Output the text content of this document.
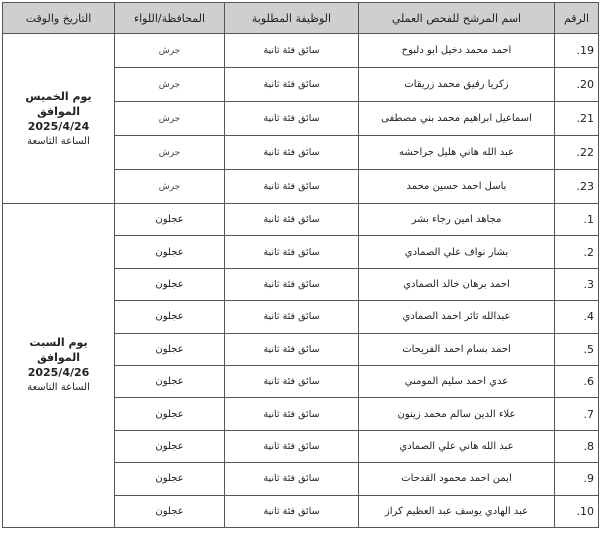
الرقم	اسم المرشح للفحص العملي	الوظيفة المطلوبة	المحافظة/اللواء	التاريخ والوقت
19.	احمد محمد دخيل ابو دلبوح	سائق فئة ثانية	جرش	يوم الخميس
الموافق
2025/4/24
الساعة التاسعة

20.	زكريا رفيق محمد زريقات	سائق فئة ثانية	جرش	
21.	اسماعيل ابراهيم محمد بني مصطفى	سائق فئة ثانية	جرش	
22.	عبد الله هاني هليل جراحشه	سائق فئة ثانية	جرش	
23.	باسل احمد حسين محمد	سائق فئة ثانية	جرش	
1.	مجاهد امين رجاء بشر	سائق فئة ثانية	عجلون	يوم السبت
الموافق
2025/4/26
الساعة التاسعة

2.	بشار نواف علي الصمادي	سائق فئة ثانية	عجلون	
3.	احمد برهان خالد الصمادي	سائق فئة ثانية	عجلون	
4.	عبدالله ثائر احمد الصمادي	سائق فئة ثانية	عجلون	
5.	احمد بسام احمد الفريحات	سائق فئة ثانية	عجلون	
6.	عدي احمد سليم المومني	سائق فئة ثانية	عجلون	
7.	علاء الدين سالم محمد زينون	سائق فئة ثانية	عجلون	
8.	عبد الله هاني علي الصمادي	سائق فئة ثانية	عجلون	
9.	ايمن احمد محمود القدحات	سائق فئة ثانية	عجلون	
10.	عبد الهادي يوسف عبد العظيم كراز	سائق فئة ثانية	عجلون	
